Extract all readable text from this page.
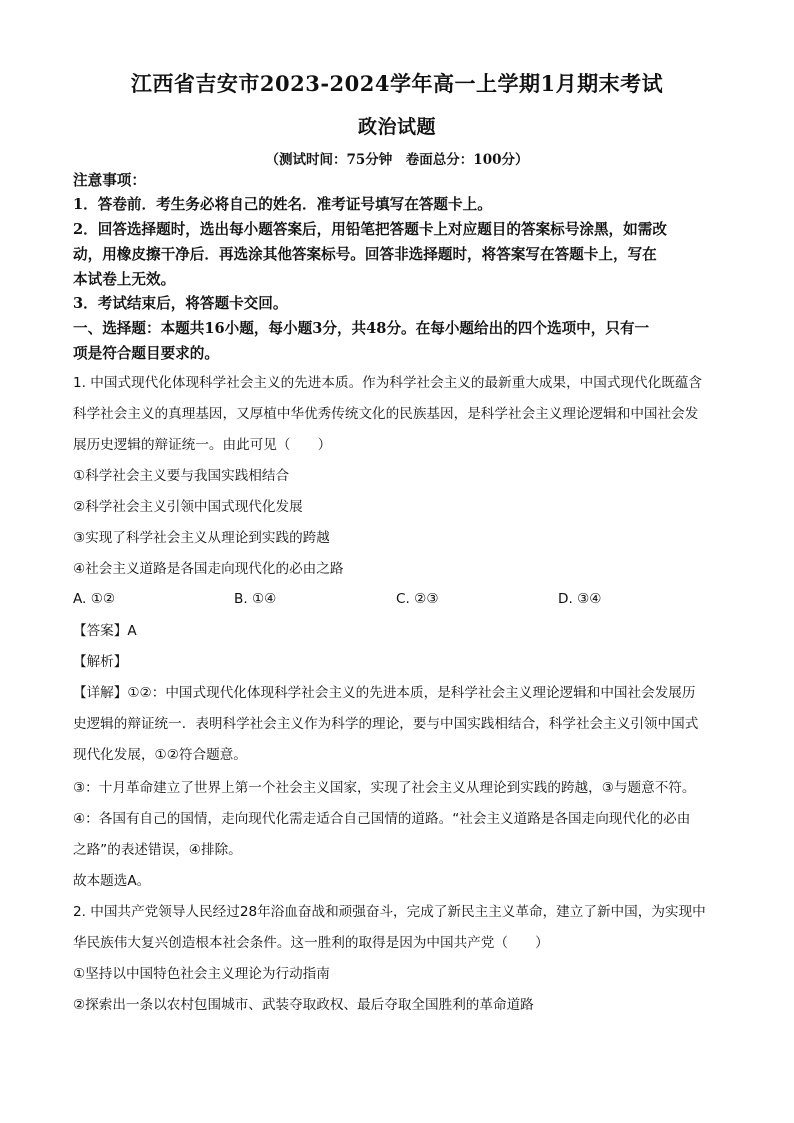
江西省吉安市2023-2024学年高一上学期1月期末考试
政治试题
（测试时间：75分钟　卷面总分：100分）
注意事项：
1．答卷前．考生务必将自己的姓名．准考证号填写在答题卡上。
2．回答选择题时，选出每小题答案后，用铅笔把答题卡上对应题目的答案标号涂黑，如需改
动，用橡皮擦干净后．再选涂其他答案标号。回答非选择题时，将答案写在答题卡上，写在
本试卷上无效。
3．考试结束后，将答题卡交回。
一、选择题：本题共16小题，每小题3分，共48分。在每小题给出的四个选项中，只有一
项是符合题目要求的。
1. 中国式现代化体现科学社会主义的先进本质。作为科学社会主义的最新重大成果，中国式现代化既蕴含
科学社会主义的真理基因，又厚植中华优秀传统文化的民族基因，是科学社会主义理论逻辑和中国社会发
展历史逻辑的辩证统一。由此可见（　　）
①科学社会主义要与我国实践相结合
②科学社会主义引领中国式现代化发展
③实现了科学社会主义从理论到实践的跨越
④社会主义道路是各国走向现代化的必由之路
A. ①②	B. ①④	C. ②③	D. ③④
【答案】A
【解析】
【详解】①②：中国式现代化体现科学社会主义的先进本质，是科学社会主义理论逻辑和中国社会发展历
史逻辑的辩证统一．表明科学社会主义作为科学的理论，要与中国实践相结合，科学社会主义引领中国式
现代化发展，①②符合题意。
③：十月革命建立了世界上第一个社会主义国家，实现了社会主义从理论到实践的跨越，③与题意不符。
④：各国有自己的国情，走向现代化需走适合自己国情的道路。“社会主义道路是各国走向现代化的必由
之路”的表述错误，④排除。
故本题选A。
2. 中国共产党领导人民经过28年浴血奋战和顽强奋斗，完成了新民主主义革命，建立了新中国，为实现中
华民族伟大复兴创造根本社会条件。这一胜利的取得是因为中国共产党（　　）
①坚持以中国特色社会主义理论为行动指南
②探索出一条以农村包围城市、武装夺取政权、最后夺取全国胜利的革命道路
